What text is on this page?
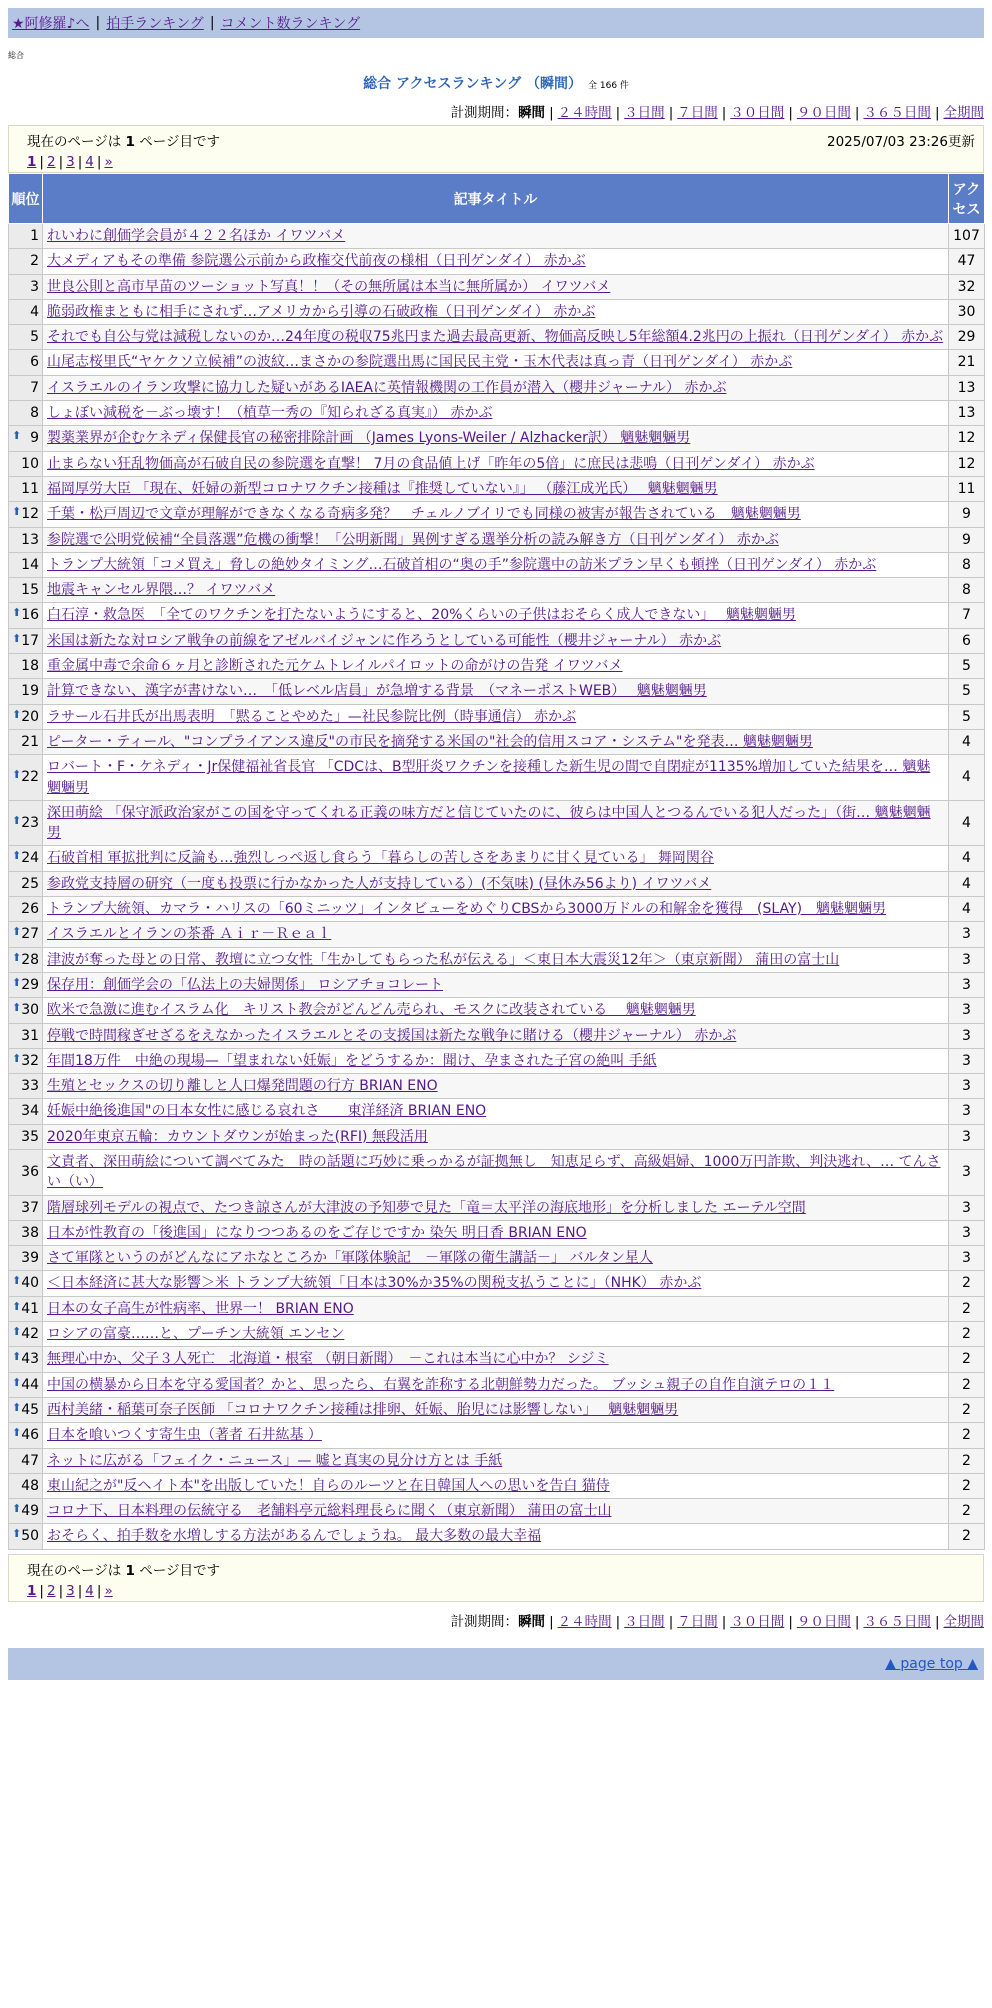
★阿修羅♪へ | 拍手ランキング | コメント数ランキング
総合
総合 アクセスランキング （瞬間） 全 166 件
計測期間：瞬間 | ２４時間 | ３日間 | ７日間 | ３０日間 | ９０日間 | ３６５日間 | 全期間
現在のページは 1 ページ目です	2025/07/03 23:26更新
1 | 2 | 3 | 4 | »
順位	記事タイトル	アクセス
1	れいわに創価学会員が４２２名ほか イワツバメ	107
2	大メディアもその準備 参院選公示前から政権交代前夜の様相（日刊ゲンダイ） 赤かぶ	47
3	世良公則と高市早苗のツーショット写真！！（その無所属は本当に無所属か） イワツバメ	32
4	脆弱政権まともに相手にされず…アメリカから引導の石破政権（日刊ゲンダイ） 赤かぶ	30
5	それでも自公与党は減税しないのか…24年度の税収75兆円また過去最高更新、物価高反映し5年総額4.2兆円の上振れ（日刊ゲンダイ） 赤かぶ	29
6	山尾志桜里氏“ヤケクソ立候補”の波紋…まさかの参院選出馬に国民民主党・玉木代表は真っ青（日刊ゲンダイ） 赤かぶ	21
7	イスラエルのイラン攻撃に協力した疑いがあるIAEAに英情報機関の工作員が潜入（櫻井ジャーナル） 赤かぶ	13
8	しょぼい減税を－ぶっ壊す！（植草一秀の『知られざる真実』） 赤かぶ	13

⬆ 9	製薬業界が企むケネディ保健長官の秘密排除計画 （James Lyons-Weiler / Alzhacker訳） 魑魅魍魎男	12
10	止まらない狂乱物価高が石破自民の参院選を直撃！ 7月の食品値上げ「昨年の5倍」に庶民は悲鳴（日刊ゲンダイ） 赤かぶ	12
11	福岡厚労大臣 「現在、妊婦の新型コロナワクチン接種は『推奨していない』」 （藤江成光氏）　 魑魅魍魎男	11

⬆ 12	千葉・松戸周辺で文章が理解ができなくなる奇病多発？　チェルノブイリでも同様の被害が報告されている　魑魅魍魎男	9
13	参院選で公明党候補“全員落選”危機の衝撃！「公明新聞」異例すぎる選挙分析の読み解き方（日刊ゲンダイ） 赤かぶ	9
14	トランプ大統領「コメ買え」脅しの絶妙タイミング…石破首相の“奥の手”参院選中の訪米プラン早くも頓挫（日刊ゲンダイ） 赤かぶ	8
15	地震キャンセル界隈…？ イワツバメ	8

⬆ 16	白石淳・救急医　「全てのワクチンを打たないようにすると、20%くらいの子供はおそらく成人できない」　 魑魅魍魎男	7

⬆ 17	米国は新たな対ロシア戦争の前線をアゼルバイジャンに作ろうとしている可能性（櫻井ジャーナル） 赤かぶ	6
18	重金属中毒で余命６ヶ月と診断された元ケムトレイルパイロットの命がけの告発 イワツバメ	5
19	計算できない、漢字が書けない…　「低レベル店員」が急増する背景　（マネーポストWEB）　 魑魅魍魎男	5

⬆ 20	ラサール石井氏が出馬表明　「黙ることやめた」—社民参院比例（時事通信） 赤かぶ	5
21	ピーター・ティール、"コンプライアンス違反"の市民を摘発する米国の"社会的信用スコア・システム"を発表… 魑魅魍魎男	4

⬆ 22	ロバート・F・ケネディ・Jr保健福祉省長官 「CDCは、B型肝炎ワクチンを接種した新生児の間で自閉症が1135%増加していた結果を… 魑魅魍魎男	4

⬆ 23	深田萌絵 「保守派政治家がこの国を守ってくれる正義の味方だと信じていたのに、彼らは中国人とつるんでいる犯人だった」（街… 魑魅魍魎男	4

⬆ 24	石破首相 軍拡批判に反論も…強烈しっぺ返し食らう「暮らしの苦しさをあまりに甘く見ている」 舞岡関谷	4
25	参政党支持層の研究（一度も投票に行かなかった人が支持している）(不気味) (昼休み56より) イワツバメ	4
26	トランプ大統領、カマラ・ハリスの「60ミニッツ」インタビューをめぐりCBSから3000万ドルの和解金を獲得　(SLAY)　魑魅魍魎男	4

⬆ 27	イスラエルとイランの茶番 Ａｉｒ－Ｒｅａｌ	3

⬆ 28	津波が奪った母との日常、教壇に立つ女性「生かしてもらった私が伝える」＜東日本大震災12年＞（東京新聞） 蒲田の富士山	3

⬆ 29	保存用：創価学会の「仏法上の夫婦関係」 ロシアチョコレート	3

⬆ 30	欧米で急激に進むイスラム化　キリスト教会がどんどん売られ、モスクに改装されている　 魑魅魍魎男	3
31	停戦で時間稼ぎせざるをえなかったイスラエルとその支援国は新たな戦争に賭ける（櫻井ジャーナル） 赤かぶ	3

⬆ 32	年間18万件　中絶の現場—「望まれない妊娠」をどうするか：聞け、孕まされた子宮の絶叫 手紙	3
33	生殖とセックスの切り離しと人口爆発問題の行方 BRIAN ENO	3
34	妊娠中絶後進国"の日本女性に感じる哀れさ　　東洋経済 BRIAN ENO	3
35	2020年東京五輪：カウントダウンが始まった(RFI) 無段活用	3
36	文責者、深田萌絵について調べてみた　時の話題に巧妙に乗っかるが証拠無し　知恵足らず、高級娼婦、1000万円詐欺、判決逃れ、… てんさい（い）	3
37	階層球列モデルの視点で、たつき諒さんが大津波の予知夢で見た「竜＝太平洋の海底地形」を分析しました エーテル空間	3
38	日本が性教育の「後進国」になりつつあるのをご存じですか 染矢 明日香 BRIAN ENO	3
39	さて軍隊というのがどんなにアホなところか「軍隊体験記　－軍隊の衛生講話－」 バルタン星人	3

⬆ 40	＜日本経済に甚大な影響＞米 トランプ大統領「日本は30%か35%の関税支払うことに」（NHK） 赤かぶ	2

⬆ 41	日本の女子高生が性病率、世界一！ BRIAN ENO	2

⬆ 42	ロシアの富豪……と、プーチン大統領 エンセン	2

⬆ 43	無理心中か、父子３人死亡　北海道・根室 （朝日新聞）　－これは本当に心中か？ シジミ	2

⬆ 44	中国の横暴から日本を守る愛国者？かと、思ったら、右翼を詐称する北朝鮮勢力だった。 ブッシュ親子の自作自演テロの１１	2

⬆ 45	西村美緒・稲葉可奈子医師 「コロナワクチン接種は排卵、妊娠、胎児には影響しない」　 魑魅魍魎男	2

⬆ 46	日本を喰いつくす寄生虫（著者 石井紘基 ）	2
47	ネットに広がる「フェイク・ニュース」— 嘘と真実の見分け方とは 手紙	2
48	東山紀之が"反ヘイト本"を出版していた！自らのルーツと在日韓国人への思いを告白 猫侍	2

⬆ 49	コロナ下、日本料理の伝統守る　老舗料亭元総料理長らに聞く（東京新聞） 蒲田の富士山	2

⬆ 50	おそらく、拍手数を水増しする方法があるんでしょうね。 最大多数の最大幸福	2
現在のページは 1 ページ目です
1 | 2 | 3 | 4 | »
計測期間：瞬間 | ２４時間 | ３日間 | ７日間 | ３０日間 | ９０日間 | ３６５日間 | 全期間
▲ page top ▲
